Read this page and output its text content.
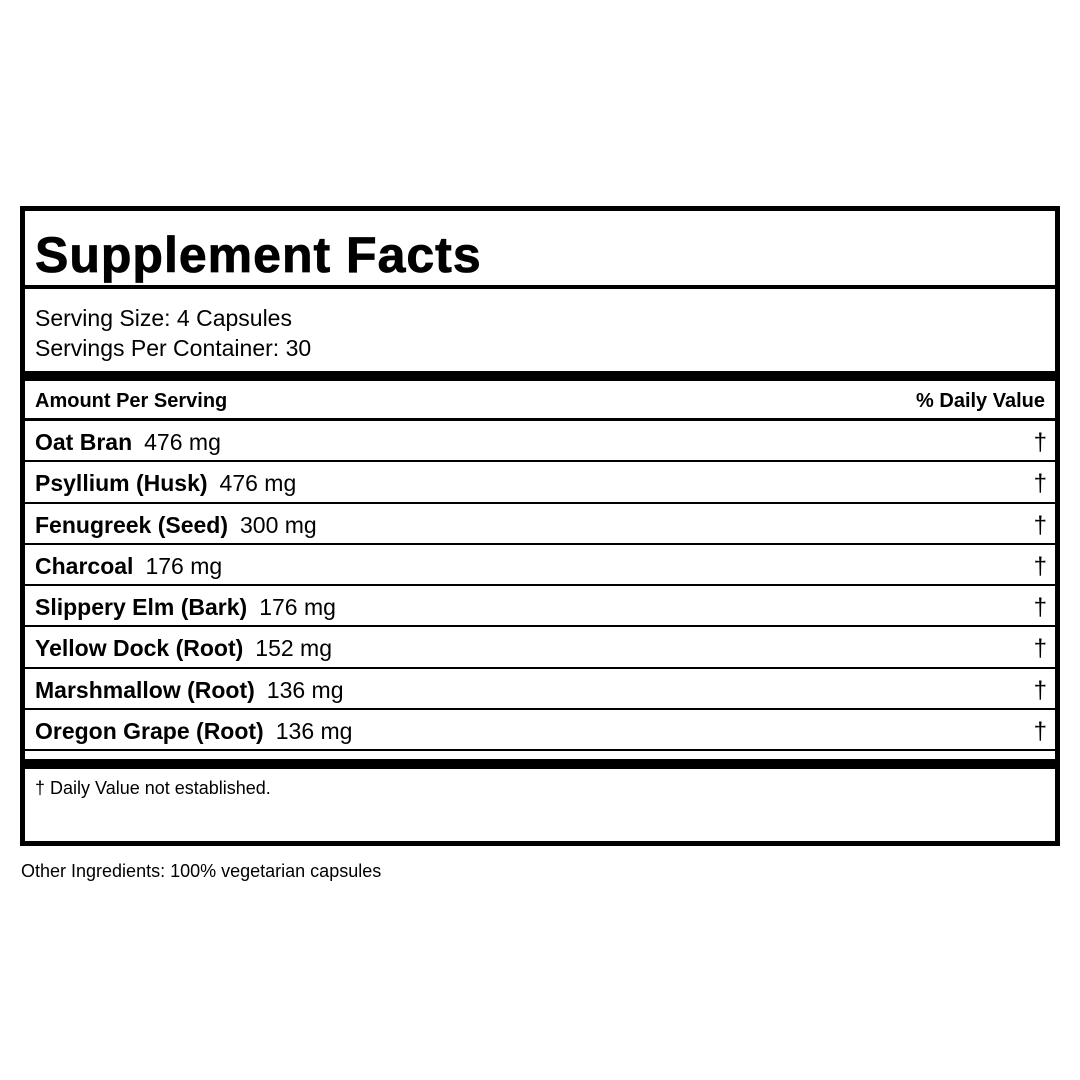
Supplement Facts
Serving Size: 4 Capsules
Servings Per Container: 30
Amount Per Serving	% Daily Value
Oat Bran 476 mg	†
Psyllium (Husk) 476 mg	†
Fenugreek (Seed) 300 mg	†
Charcoal 176 mg	†
Slippery Elm (Bark) 176 mg	†
Yellow Dock (Root) 152 mg	†
Marshmallow (Root) 136 mg	†
Oregon Grape (Root) 136 mg	†
† Daily Value not established.
Other Ingredients: 100% vegetarian capsules
